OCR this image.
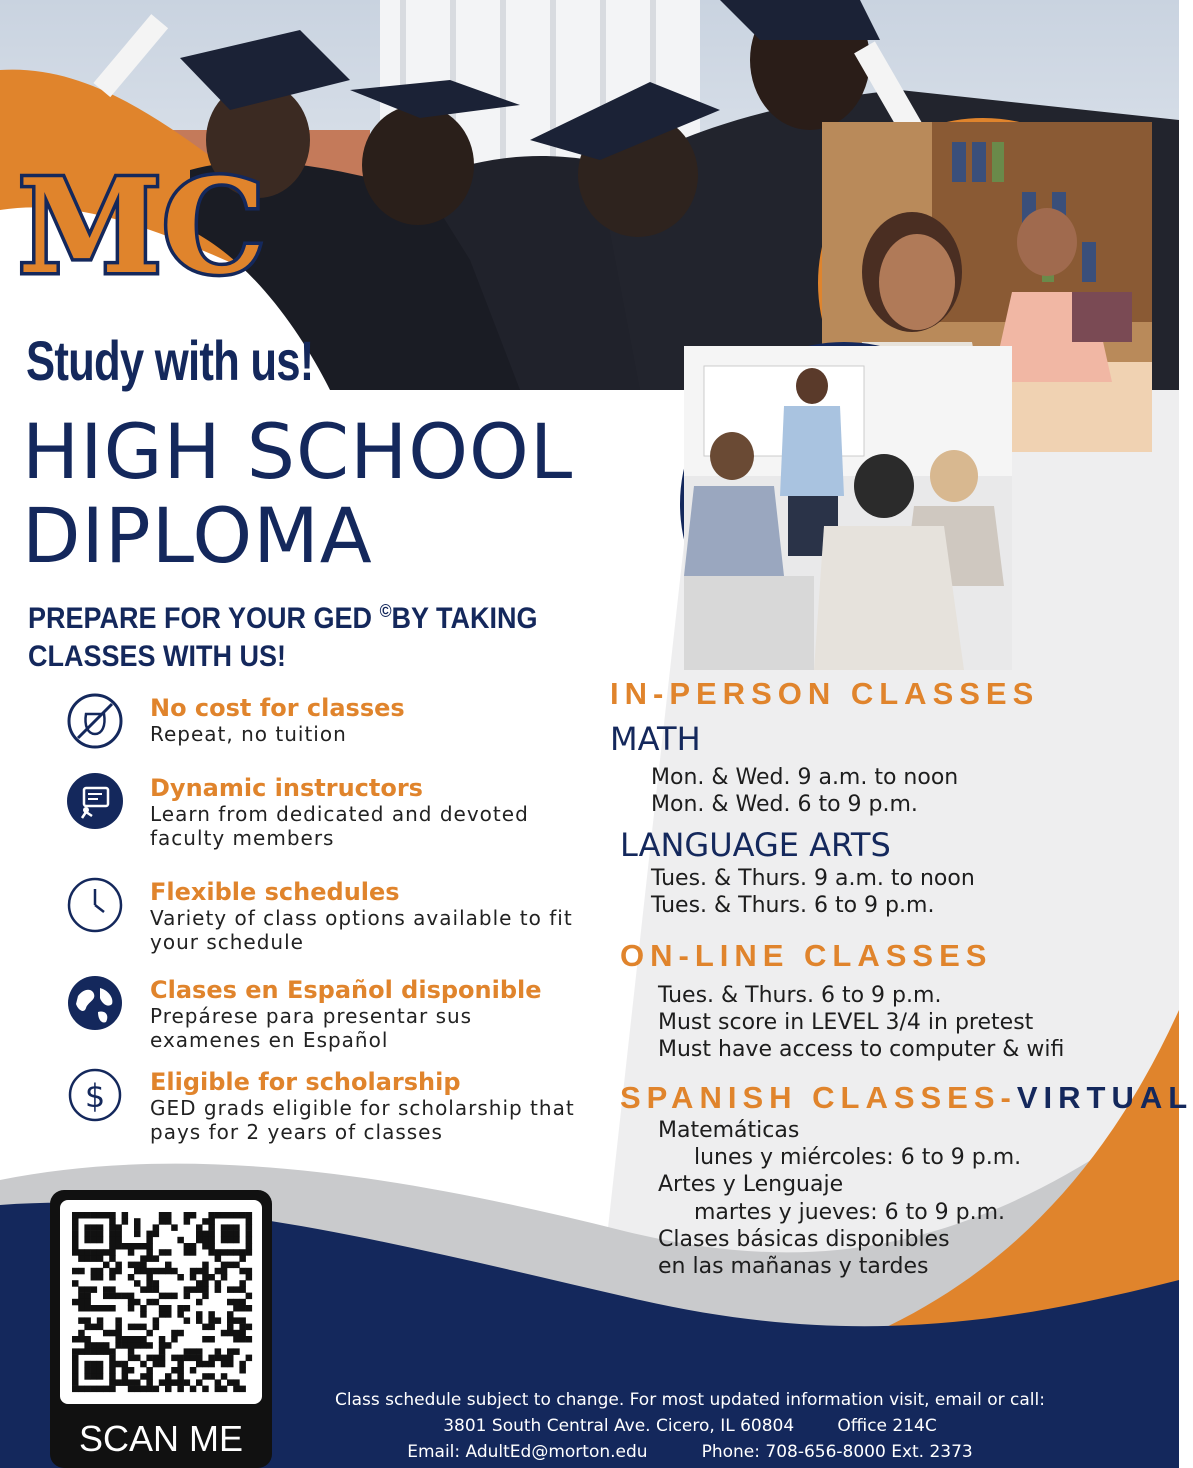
MC
Study with us!
HIGH SCHOOL
DIPLOMA
PREPARE FOR YOUR GED ©BY TAKING CLASSES WITH US!
No cost for classes
Repeat, no tuition
Dynamic instructors
Learn from dedicated and devoted faculty members
Flexible schedules
Variety of class options available to fit your schedule
Clases en Español disponible
Prepárese para presentar sus examenes en Español
$ Eligible for scholarship
GED grads eligible for scholarship that pays for 2 years of classes
IN-PERSON CLASSES
MATH
Mon. & Wed. 9 a.m. to noon
Mon. & Wed. 6 to 9 p.m.
LANGUAGE ARTS
Tues. & Thurs. 9 a.m. to noon
Tues. & Thurs. 6 to 9 p.m.
ON-LINE CLASSES
Tues. & Thurs. 6 to 9 p.m.
Must score in LEVEL 3/4 in pretest
Must have access to computer & wifi
SPANISH CLASSES-VIRTUAL
Matemáticas
lunes y miércoles: 6 to 9 p.m.
Artes y Lenguaje
martes y jueves: 6 to 9 p.m.
Clases básicas disponibles
en las mañanas y tardes
SCAN ME
Class schedule subject to change. For most updated information visit, email or call:
3801 South Central Ave. Cicero, IL 60804        Office 214C
Email: AdultEd@morton.edu          Phone: 708-656-8000 Ext. 2373
